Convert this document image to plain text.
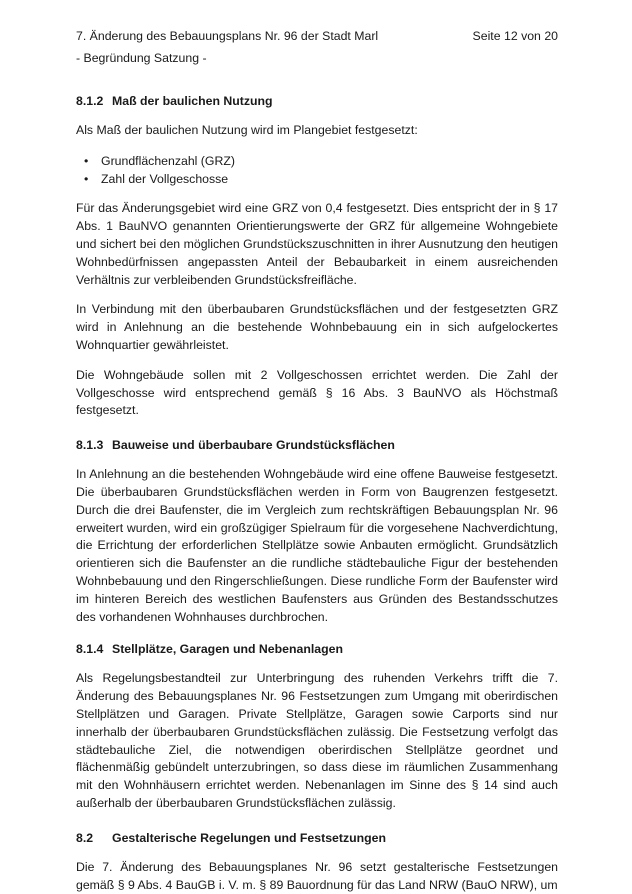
7. Änderung des Bebauungsplans Nr. 96 der Stadt Marl	Seite 12 von 20
- Begründung Satzung -
8.1.2 Maß der baulichen Nutzung

Als Maß der baulichen Nutzung wird im Plangebiet festgesetzt:

• Grundflächenzahl (GRZ)
• Zahl der Vollgeschosse

Für das Änderungsgebiet wird eine GRZ von 0,4 festgesetzt. Dies entspricht der in § 17 Abs. 1 BauNVO genannten Orientierungswerte der GRZ für allgemeine Wohngebiete und sichert bei den möglichen Grundstückszuschnitten in ihrer Ausnutzung den heutigen Wohnbedürfnissen angepassten Anteil der Bebaubarkeit in einem ausreichenden Verhältnis zur verbleibenden Grundstücksfreifläche.

In Verbindung mit den überbaubaren Grundstücksflächen und der festgesetzten GRZ wird in Anlehnung an die bestehende Wohnbebauung ein in sich aufgelockertes Wohnquartier gewährleistet.

Die Wohngebäude sollen mit 2 Vollgeschossen errichtet werden. Die Zahl der Vollgeschosse wird entsprechend gemäß § 16 Abs. 3 BauNVO als Höchstmaß festgesetzt.

8.1.3 Bauweise und überbaubare Grundstücksflächen

In Anlehnung an die bestehenden Wohngebäude wird eine offene Bauweise festgesetzt. Die überbaubaren Grundstücksflächen werden in Form von Baugrenzen festgesetzt. Durch die drei Baufenster, die im Vergleich zum rechtskräftigen Bebauungsplan Nr. 96 erweitert wurden, wird ein großzügiger Spielraum für die vorgesehene Nachverdichtung, die Errichtung der erforderlichen Stellplätze sowie Anbauten ermöglicht. Grundsätzlich orientieren sich die Baufenster an die rundliche städtebauliche Figur der bestehenden Wohnbebauung und den Ringerschließungen. Diese rundliche Form der Baufenster wird im hinteren Bereich des westlichen Baufensters aus Gründen des Bestandsschutzes des vorhandenen Wohnhauses durchbrochen.

8.1.4 Stellplätze, Garagen und Nebenanlagen

Als Regelungsbestandteil zur Unterbringung des ruhenden Verkehrs trifft die 7. Änderung des Bebauungsplanes Nr. 96 Festsetzungen zum Umgang mit oberirdischen Stellplätzen und Garagen. Private Stellplätze, Garagen sowie Carports sind nur innerhalb der überbaubaren Grundstücksflächen zulässig. Die Festsetzung verfolgt das städtebauliche Ziel, die notwendigen oberirdischen Stellplätze geordnet und flächenmäßig gebündelt unterzubringen, so dass diese im räumlichen Zusammenhang mit den Wohnhäusern errichtet werden. Nebenanlagen im Sinne des § 14 sind auch außerhalb der überbaubaren Grundstücksflächen zulässig.

8.2 Gestalterische Regelungen und Festsetzungen

Die 7. Änderung des Bebauungsplanes Nr. 96 setzt gestalterische Festsetzungen gemäß § 9 Abs. 4 BauGB i. V. m. § 89 Bauordnung für das Land NRW (BauO NRW), um
